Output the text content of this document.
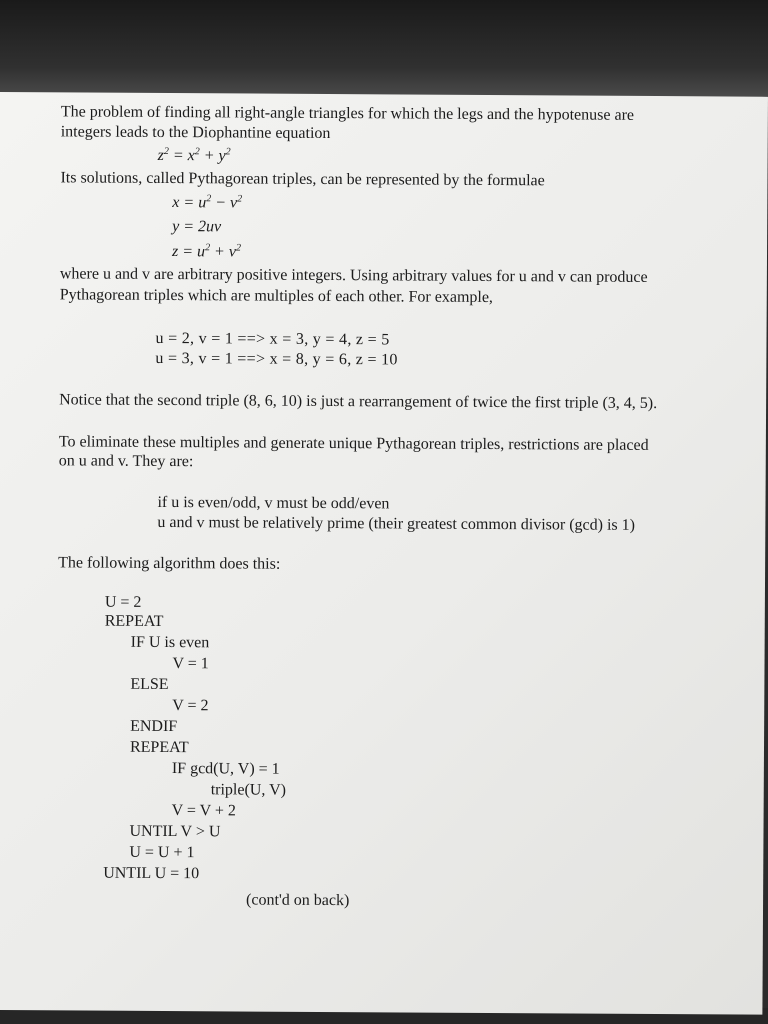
The problem of finding all right-angle triangles for which the legs and the hypotenuse are
integers leads to the Diophantine equation
$z^2 = x^2 + y^2$
Its solutions, called Pythagorean triples, can be represented by the formulae
$x = u^2 - v^2$
y = 2uv
$z = u^2 + v^2$
where u and v are arbitrary positive integers. Using arbitrary values for u and v can produce
Pythagorean triples which are multiples of each other. For example,
u = 2, v = 1 ==> x = 3, y = 4, z = 5
u = 3, v = 1 ==> x = 8, y = 6, z = 10
Notice that the second triple (8, 6, 10) is just a rearrangement of twice the first triple (3, 4, 5).
To eliminate these multiples and generate unique Pythagorean triples, restrictions are placed
on u and v. They are:
if u is even/odd, v must be odd/even
u and v must be relatively prime (their greatest common divisor (gcd) is 1)
The following algorithm does this:
U = 2
REPEAT
IF U is even
V = 1
ELSE
V = 2
ENDIF
REPEAT
IF gcd(U, V) = 1
triple(U, V)
V = V + 2
UNTIL V > U
U = U + 1
UNTIL U = 10
(cont'd on back)
